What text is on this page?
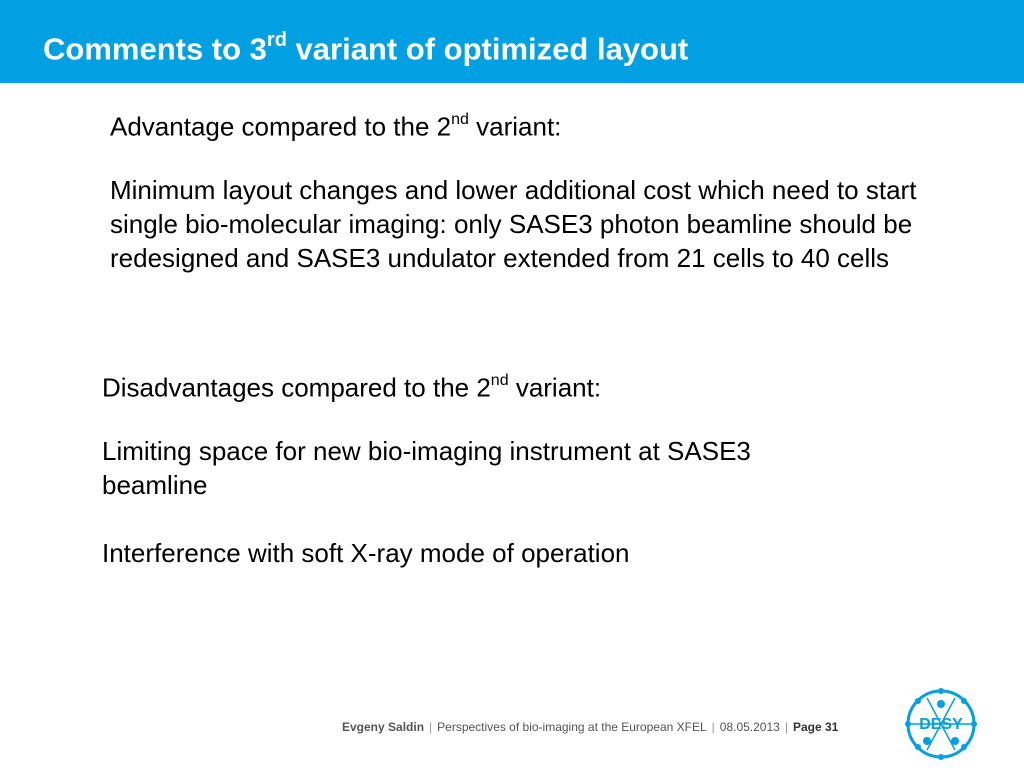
Comments to 3rd variant of optimized layout

Advantage compared to the 2nd variant:

Minimum layout changes and lower additional cost which need to start single bio-molecular imaging: only SASE3 photon beamline should be redesigned and SASE3 undulator extended from 21 cells to 40 cells

Disadvantages compared to the 2nd variant:

Limiting space for new bio-imaging instrument at SASE3 beamline

Interference with soft X-ray mode of operation

Evgeny Saldin | Perspectives of bio-imaging at the European XFEL | 08.05.2013 | Page 31	DESY
